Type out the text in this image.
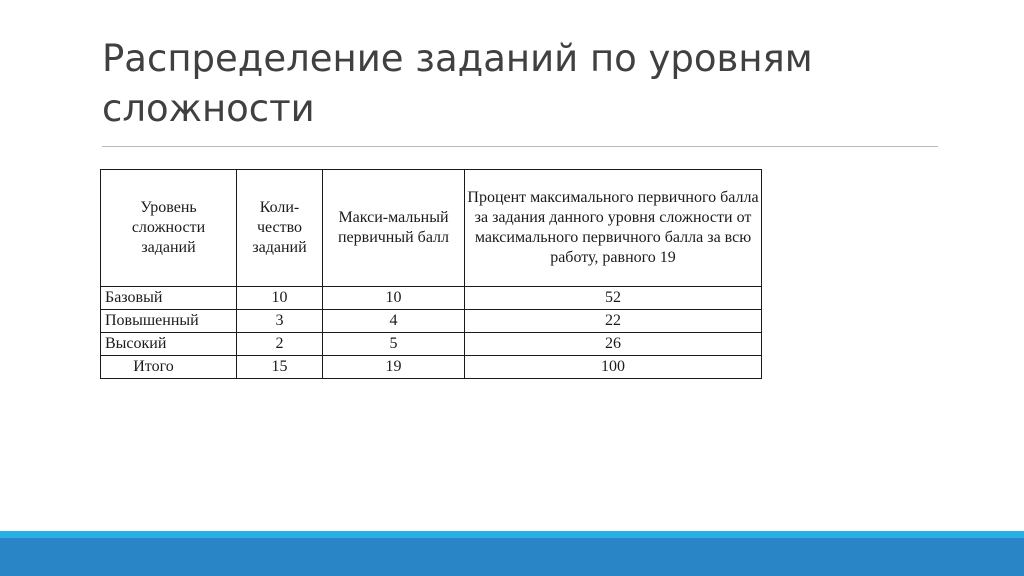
Распределение заданий по уровням сложности
Уровень сложности заданий	Коли-чество заданий	Макси-мальный первичный балл	Процент максимального первичного балла за задания данного уровня сложности от максимального первичного балла за всю работу, равного 19
Базовый	10	10	52
Повышенный	3	4	22
Высокий	2	5	26
Итого	15	19	100
